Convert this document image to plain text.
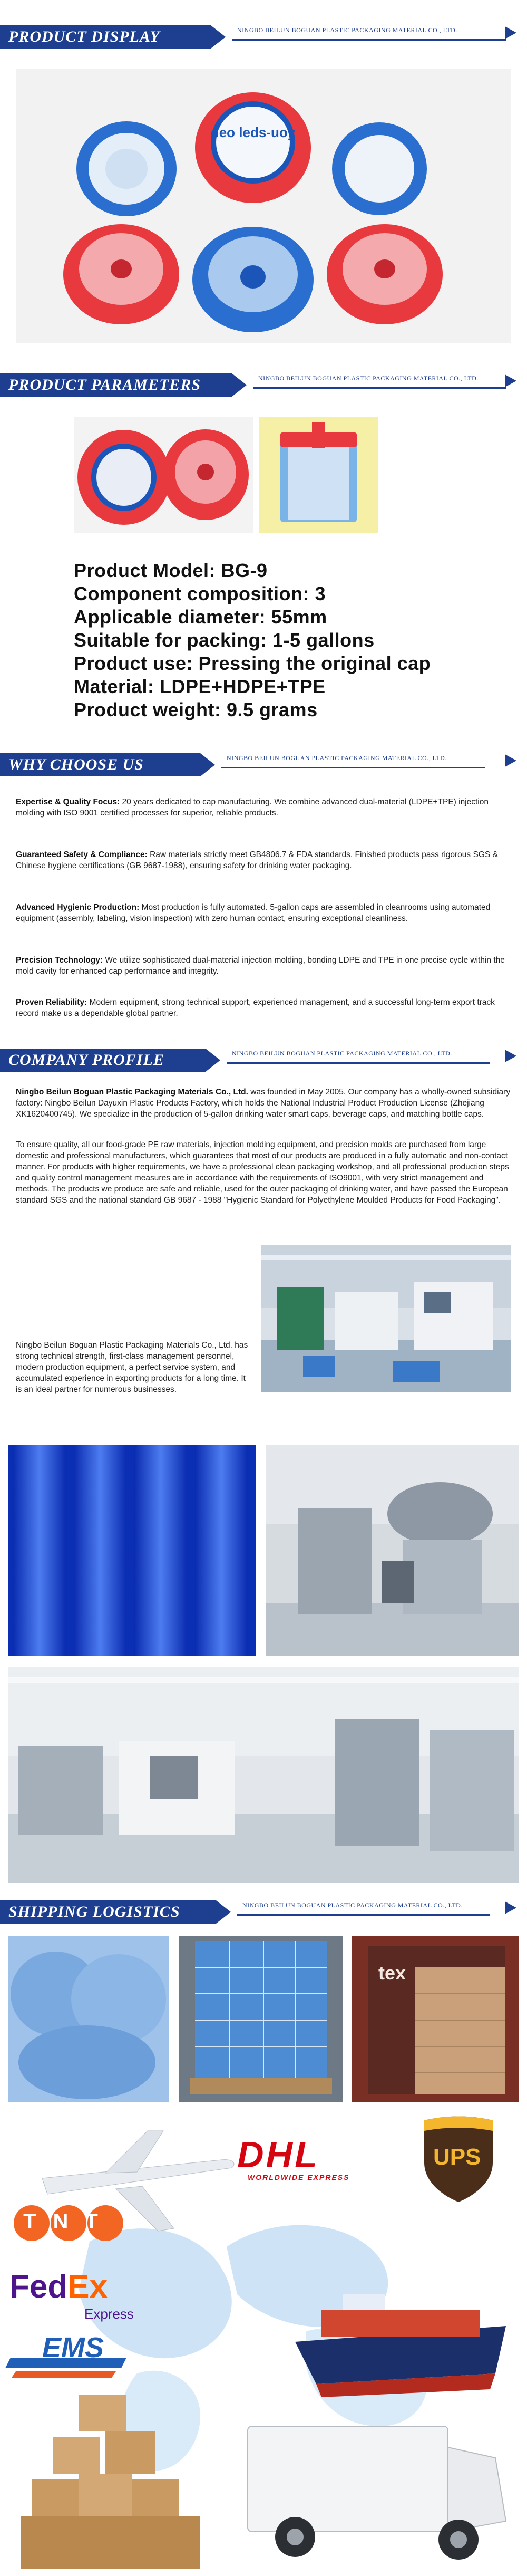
PRODUCT DISPLAY	NINGBO BEILUN BOGUAN PLASTIC PACKAGING MATERIAL CO., LTD.
deo leds-uoy
PRODUCT PARAMETERS	NINGBO BEILUN BOGUAN PLASTIC PACKAGING MATERIAL CO., LTD.
Product Model: BG-9
Component composition: 3
Applicable diameter: 55mm
Suitable for packing: 1-5 gallons
Product use: Pressing the original cap
Material: LDPE+HDPE+TPE
Product weight: 9.5 grams
WHY CHOOSE US	NINGBO BEILUN BOGUAN PLASTIC PACKAGING MATERIAL CO., LTD.
Expertise & Quality Focus: 20 years dedicated to cap manufacturing. We combine advanced dual-material (LDPE+TPE) injection molding with ISO 9001 certified processes for superior, reliable products.
Guaranteed Safety & Compliance: Raw materials strictly meet GB4806.7 & FDA standards. Finished products pass rigorous SGS & Chinese hygiene certifications (GB 9687-1988), ensuring safety for drinking water packaging.
Advanced Hygienic Production: Most production is fully automated. 5-gallon caps are assembled in cleanrooms using automated equipment (assembly, labeling, vision inspection) with zero human contact, ensuring exceptional cleanliness.
Precision Technology: We utilize sophisticated dual-material injection molding, bonding LDPE and TPE in one precise cycle within the mold cavity for enhanced cap performance and integrity.
Proven Reliability: Modern equipment, strong technical support, experienced management, and a successful long-term export track record make us a dependable global partner.
COMPANY PROFILE	NINGBO BEILUN BOGUAN PLASTIC PACKAGING MATERIAL CO., LTD.
Ningbo Beilun Boguan Plastic Packaging Materials Co., Ltd. was founded in May 2005. Our company has a wholly-owned subsidiary factory: Ningbo Beilun Dayuxin Plastic Products Factory, which holds the National Industrial Product Production License (Zhejiang XK1620400745). We specialize in the production of 5-gallon drinking water smart caps, beverage caps, and matching bottle caps.
To ensure quality, all our food-grade PE raw materials, injection molding equipment, and precision molds are purchased from large domestic and professional manufacturers, which guarantees that most of our products are produced in a fully automatic and non-contact manner. For products with higher requirements, we have a professional clean packaging workshop, and all professional production steps and quality control management measures are in accordance with the requirements of ISO9001, with very strict management and methods. The products we produce are safe and reliable, used for the outer packaging of drinking water, and have passed the European standard SGS and the national standard GB 9687 - 1988 "Hygienic Standard for Polyethylene Moulded Products for Food Packaging".
Ningbo Beilun Boguan Plastic Packaging Materials Co., Ltd. has strong technical strength, first-class management personnel, modern production equipment, a perfect service system, and accumulated experience in exporting products for a long time. It is an ideal partner for numerous businesses.
SHIPPING LOGISTICS	NINGBO BEILUN BOGUAN PLASTIC PACKAGING MATERIAL CO., LTD.
tex
DHL
WORLDWIDE EXPRESS
UPS
TNT
FedEx
Express
EMS
